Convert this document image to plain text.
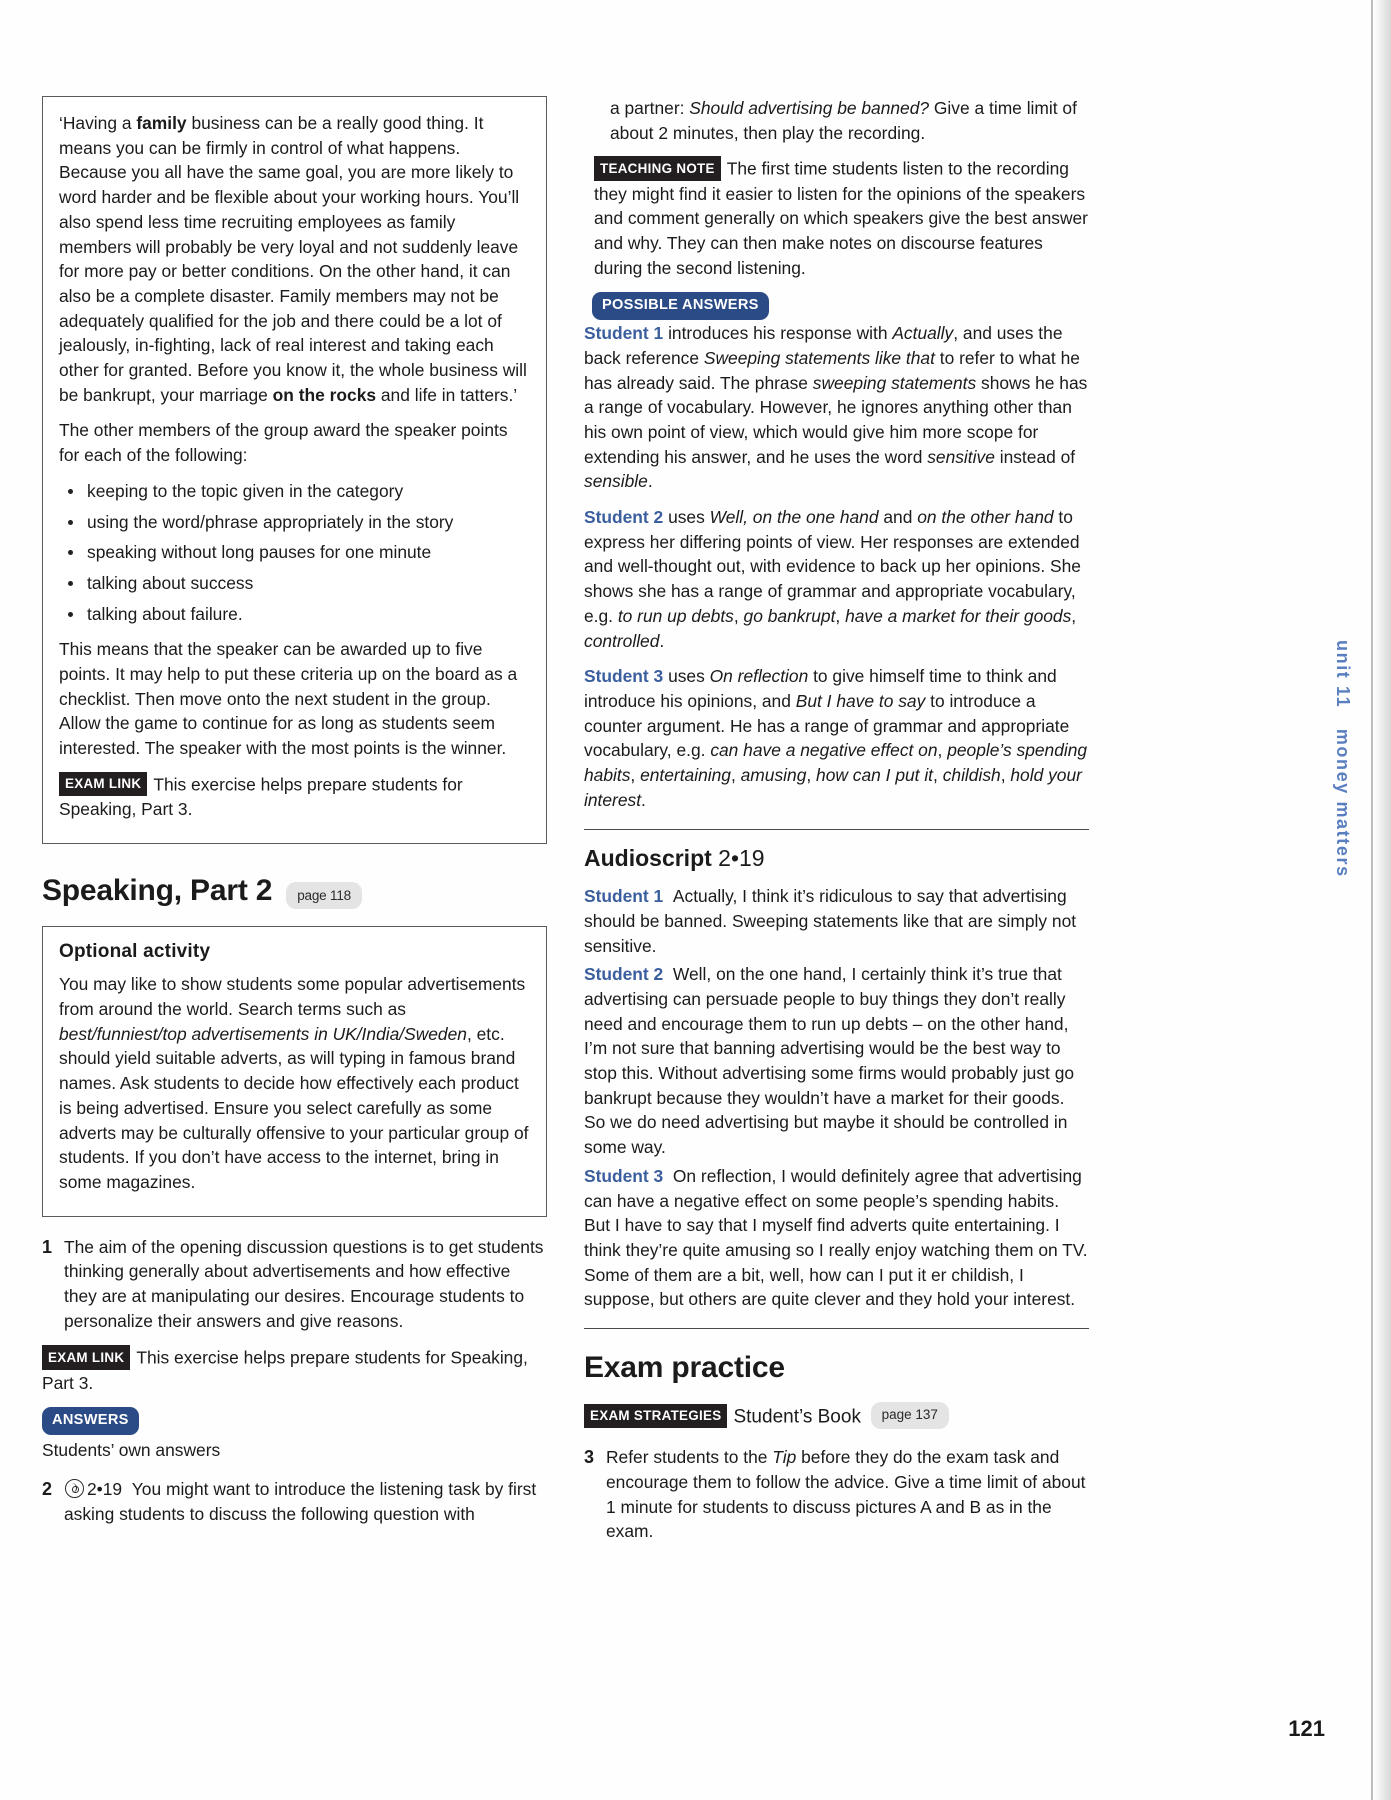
‘Having a family business can be a really good thing. It means you can be firmly in control of what happens. Because you all have the same goal, you are more likely to word harder and be flexible about your working hours. You’ll also spend less time recruiting employees as family members will probably be very loyal and not suddenly leave for more pay or better conditions. On the other hand, it can also be a complete disaster. Family members may not be adequately qualified for the job and there could be a lot of jealously, in-fighting, lack of real interest and taking each other for granted. Before you know it, the whole business will be bankrupt, your marriage on the rocks and life in tatters.’

The other members of the group award the speaker points for each of the following:

keeping to the topic given in the category
using the word/phrase appropriately in the story
speaking without long pauses for one minute
talking about success
talking about failure.

This means that the speaker can be awarded up to five points. It may help to put these criteria up on the board as a checklist. Then move onto the next student in the group. Allow the game to continue for as long as students seem interested. The speaker with the most points is the winner.

EXAM LINK This exercise helps prepare students for Speaking, Part 3.

Speaking, Part 2	page 118

Optional activity

You may like to show students some popular advertisements from around the world. Search terms such as best/funniest/top advertisements in UK/India/Sweden, etc. should yield suitable adverts, as will typing in famous brand names. Ask students to decide how effectively each product is being advertised. Ensure you select carefully as some adverts may be culturally offensive to your particular group of students. If you don’t have access to the internet, bring in some magazines.

1 The aim of the opening discussion questions is to get students thinking generally about advertisements and how effective they are at manipulating our desires. Encourage students to personalize their answers and give reasons.

EXAM LINK This exercise helps prepare students for Speaking, Part 3.

ANSWERS

Students’ own answers

2	2•19 You might want to introduce the listening task by first asking students to discuss the following question with

a partner: Should advertising be banned? Give a time limit of about 2 minutes, then play the recording.

TEACHING NOTE The first time students listen to the recording they might find it easier to listen for the opinions of the speakers and comment generally on which speakers give the best answer and why. They can then make notes on discourse features during the second listening.

POSSIBLE ANSWERS

Student 1 introduces his response with Actually, and uses the back reference Sweeping statements like that to refer to what he has already said. The phrase sweeping statements shows he has a range of vocabulary. However, he ignores anything other than his own point of view, which would give him more scope for extending his answer, and he uses the word sensitive instead of sensible.

Student 2 uses Well, on the one hand and on the other hand to express her differing points of view. Her responses are extended and well-thought out, with evidence to back up her opinions. She shows she has a range of grammar and appropriate vocabulary, e.g. to run up debts, go bankrupt, have a market for their goods, controlled.

Student 3 uses On reflection to give himself time to think and introduce his opinions, and But I have to say to introduce a counter argument. He has a range of grammar and appropriate vocabulary, e.g. can have a negative effect on, people’s spending habits, entertaining, amusing, how can I put it, childish, hold your interest.

Audioscript 2•19

Student 1 Actually, I think it’s ridiculous to say that advertising should be banned. Sweeping statements like that are simply not sensitive.

Student 2 Well, on the one hand, I certainly think it’s true that advertising can persuade people to buy things they don’t really need and encourage them to run up debts – on the other hand, I’m not sure that banning advertising would be the best way to stop this. Without advertising some firms would probably just go bankrupt because they wouldn’t have a market for their goods. So we do need advertising but maybe it should be controlled in some way.

Student 3 On reflection, I would definitely agree that advertising can have a negative effect on some people’s spending habits. But I have to say that I myself find adverts quite entertaining. I think they’re quite amusing so I really enjoy watching them on TV. Some of them are a bit, well, how can I put it er childish, I suppose, but others are quite clever and they hold your interest.

Exam practice

EXAM STRATEGIES Student’s Book page 137

3 Refer students to the Tip before they do the exam task and encourage them to follow the advice. Give a time limit of about 1 minute for students to discuss pictures A and B as in the exam.
unit 11 money matters
121
